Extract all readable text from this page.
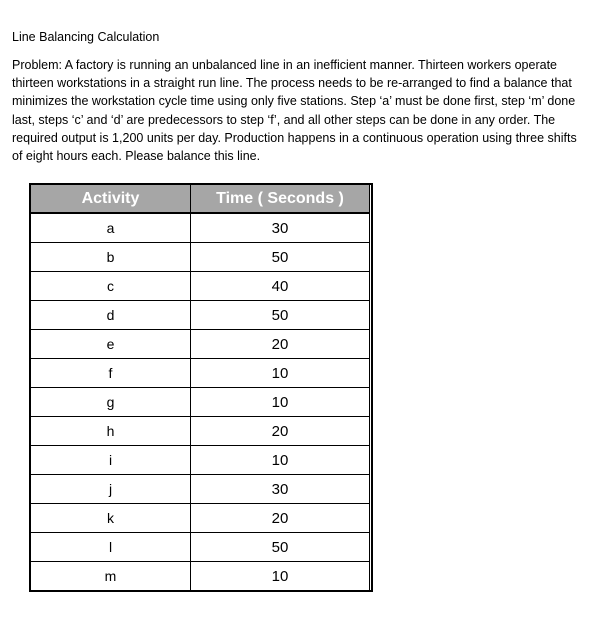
Line Balancing Calculation
Problem: A factory is running an unbalanced line in an inefficient manner. Thirteen workers operate
thirteen workstations in a straight run line. The process needs to be re-arranged to find a balance that
minimizes the workstation cycle time using only five stations. Step ‘a’ must be done first, step ‘m’ done
last, steps ‘c’ and ‘d’ are predecessors to step ‘f’, and all other steps can be done in any order. The
required output is 1,200 units per day. Production happens in a continuous operation using three shifts
of eight hours each. Please balance this line.
Activity	Time ( Seconds )
a	30
b	50
c	40
d	50
e	20
f	10
g	10
h	20
i	10
j	30
k	20
l	50
m	10
